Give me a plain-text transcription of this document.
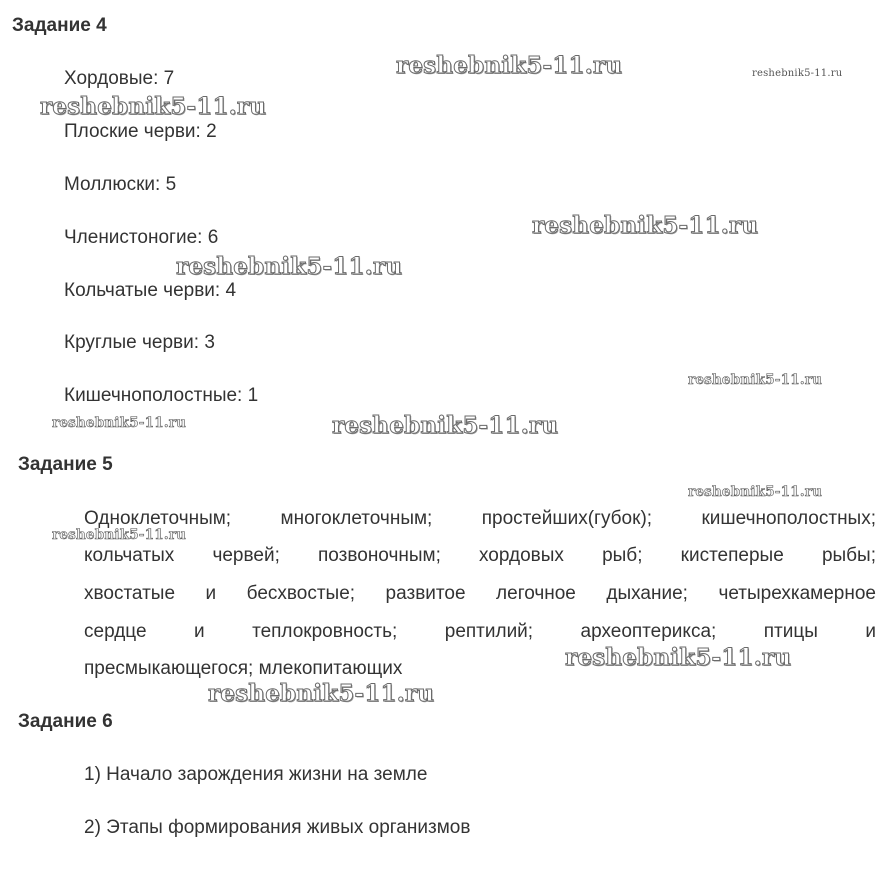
Задание 4
Хордовые: 7
Плоские черви: 2
Моллюски: 5
Членистоногие: 6
Кольчатые черви: 4
Круглые черви: 3
Кишечнополостные: 1
Задание 5
Одноклеточным; многоклеточным; простейших(губок); кишечнополостных;
кольчатых червей; позвоночным; хордовых рыб; кистеперые рыбы;
хвостатые и бесхвостые; развитое легочное дыхание; четырехкамерное
сердце и теплокровность; рептилий; археоптерикса; птицы и
пресмыкающегося; млекопитающих
Задание 6
1) Начало зарождения жизни на земле
2) Этапы формирования живых организмов
reshebnik5-11.ru	reshebnik5-11.ru
reshebnik5-11.ru
reshebnik5-11.ru
reshebnik5-11.ru
reshebnik5-11.ru
reshebnik5-11.ru	reshebnik5-11.ru
reshebnik5-11.ru
reshebnik5-11.ru
reshebnik5-11.ru
reshebnik5-11.ru
